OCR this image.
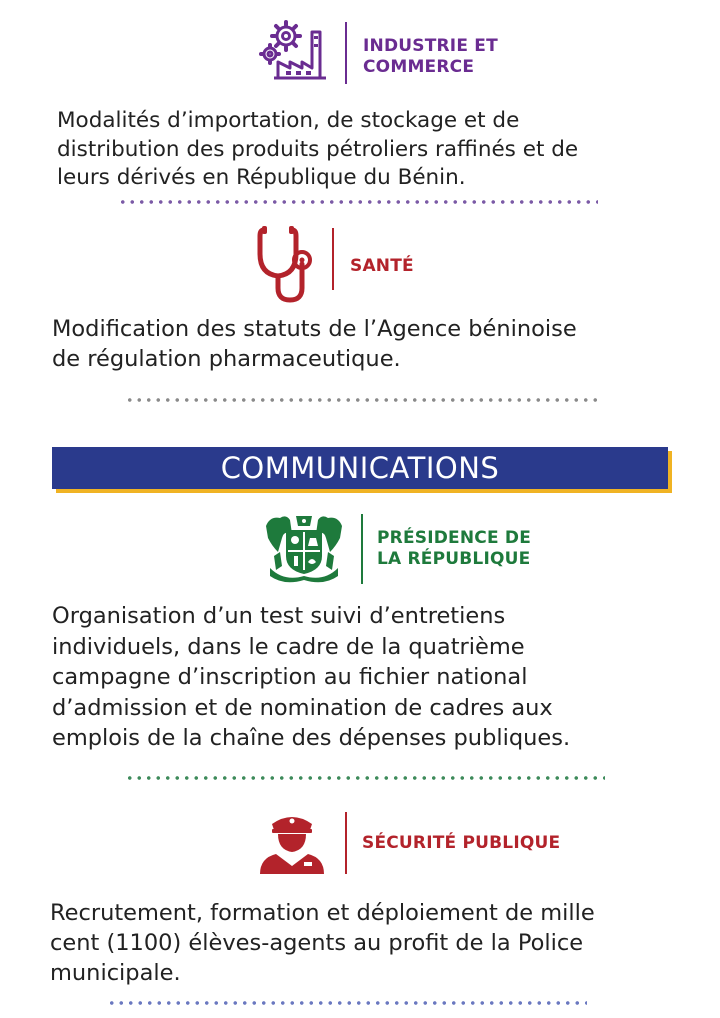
INDUSTRIE ET
COMMERCE
Modalités d’importation, de stockage et de
distribution des produits pétroliers raffinés et de
leurs dérivés en République du Bénin.
SANTÉ
Modification des statuts de l’Agence béninoise
de régulation pharmaceutique.
COMMUNICATIONS
PRÉSIDENCE DE
LA RÉPUBLIQUE
Organisation d’un test suivi d’entretiens
individuels, dans le cadre de la quatrième
campagne d’inscription au fichier national
d’admission et de nomination de cadres aux
emplois de la chaîne des dépenses publiques.
SÉCURITÉ PUBLIQUE
Recrutement, formation et déploiement de mille
cent (1100) élèves-agents au profit de la Police
municipale.
